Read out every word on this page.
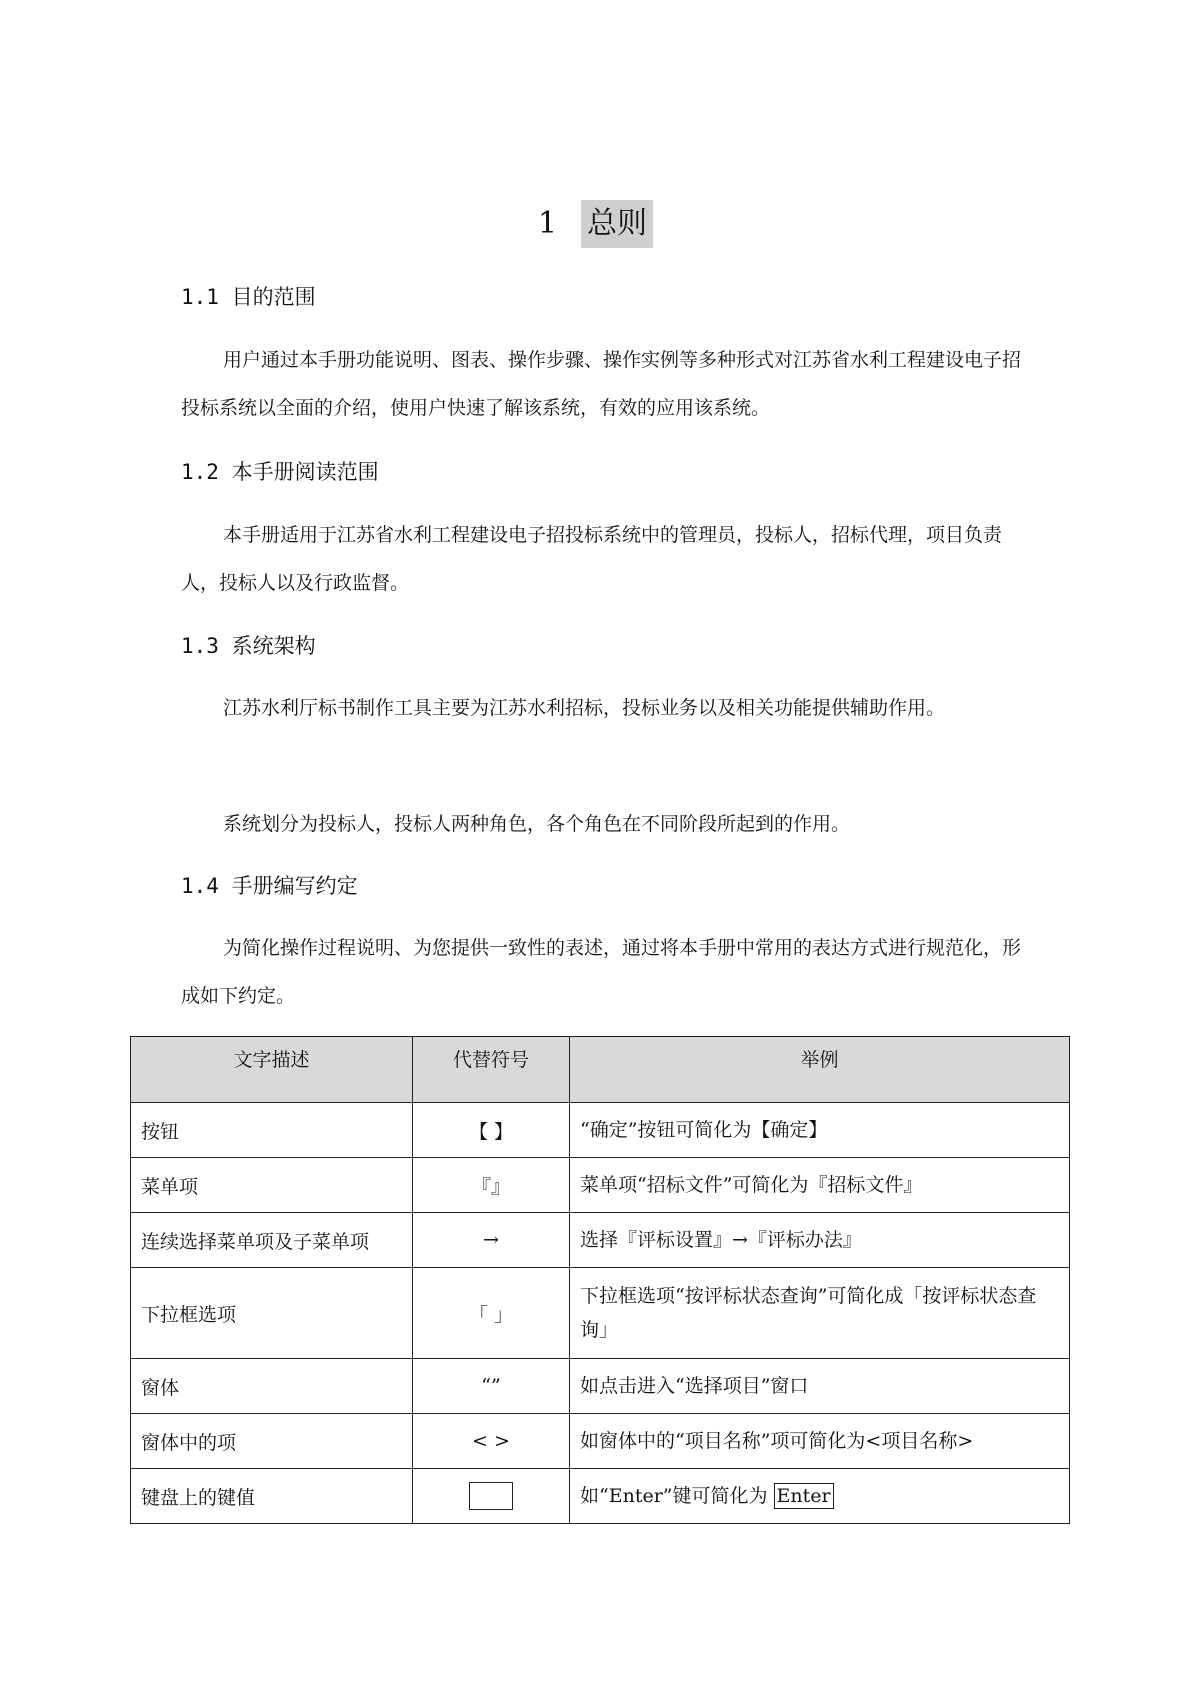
1 总则
1.1 目的范围
用户通过本手册功能说明、图表、操作步骤、操作实例等多种形式对江苏省水利工程建设电子招投标系统以全面的介绍，使用户快速了解该系统，有效的应用该系统。
1.2 本手册阅读范围
本手册适用于江苏省水利工程建设电子招投标系统中的管理员，投标人，招标代理，项目负责人，投标人以及行政监督。
1.3 系统架构
江苏水利厅标书制作工具主要为江苏水利招标，投标业务以及相关功能提供辅助作用。
系统划分为投标人，投标人两种角色，各个角色在不同阶段所起到的作用。
1.4 手册编写约定
为简化操作过程说明、为您提供一致性的表述，通过将本手册中常用的表达方式进行规范化，形成如下约定。
文字描述	代替符号	举例
按钮	【 】	“确定”按钮可简化为【确定】
菜单项	『』	菜单项“招标文件”可简化为『招标文件』
连续选择菜单项及子菜单项	→	选择『评标设置』→『评标办法』
下拉框选项	「 」	下拉框选项“按评标状态查询”可简化成「按评标状态查询」
窗体	“”	如点击进入“选择项目”窗口
窗体中的项	< >	如窗体中的“项目名称”项可简化为<项目名称>
键盘上的键值		如“Enter”键可简化为 Enter
